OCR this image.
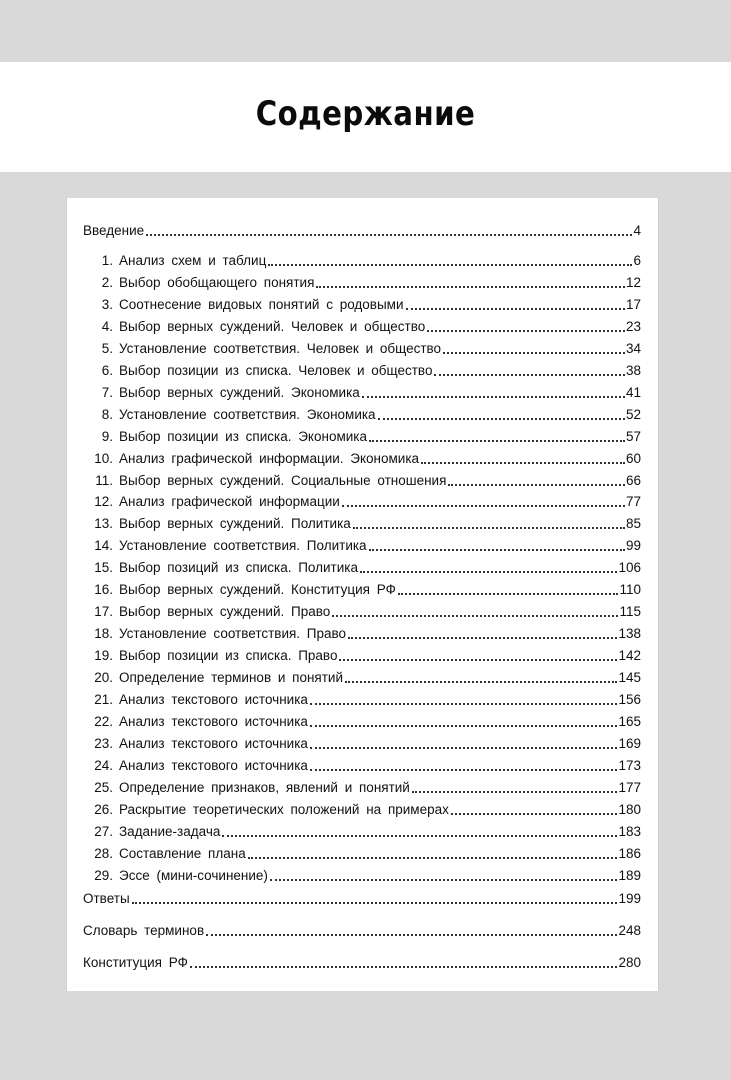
Содержание
Введение	4
1. Анализ схем и таблиц	6
2. Выбор обобщающего понятия	12
3. Соотнесение видовых понятий с родовыми	17
4. Выбор верных суждений. Человек и общество	23
5. Установление соответствия. Человек и общество	34
6. Выбор позиции из списка. Человек и общество	38
7. Выбор верных суждений. Экономика	41
8. Установление соответствия. Экономика	52
9. Выбор позиции из списка. Экономика	57
10. Анализ графической информации. Экономика	60
11. Выбор верных суждений. Социальные отношения	66
12. Анализ графической информации	77
13. Выбор верных суждений. Политика	85
14. Установление соответствия. Политика	99
15. Выбор позиций из списка. Политика	106
16. Выбор верных суждений. Конституция РФ	110
17. Выбор верных суждений. Право	115
18. Установление соответствия. Право	138
19. Выбор позиции из списка. Право	142
20. Определение терминов и понятий	145
21. Анализ текстового источника	156
22. Анализ текстового источника	165
23. Анализ текстового источника	169
24. Анализ текстового источника	173
25. Определение признаков, явлений и понятий	177
26. Раскрытие теоретических положений на примерах	180
27. Задание-задача	183
28. Составление плана	186
29. Эссе (мини-сочинение)	189
Ответы	199
Словарь терминов	248
Конституция РФ	280
